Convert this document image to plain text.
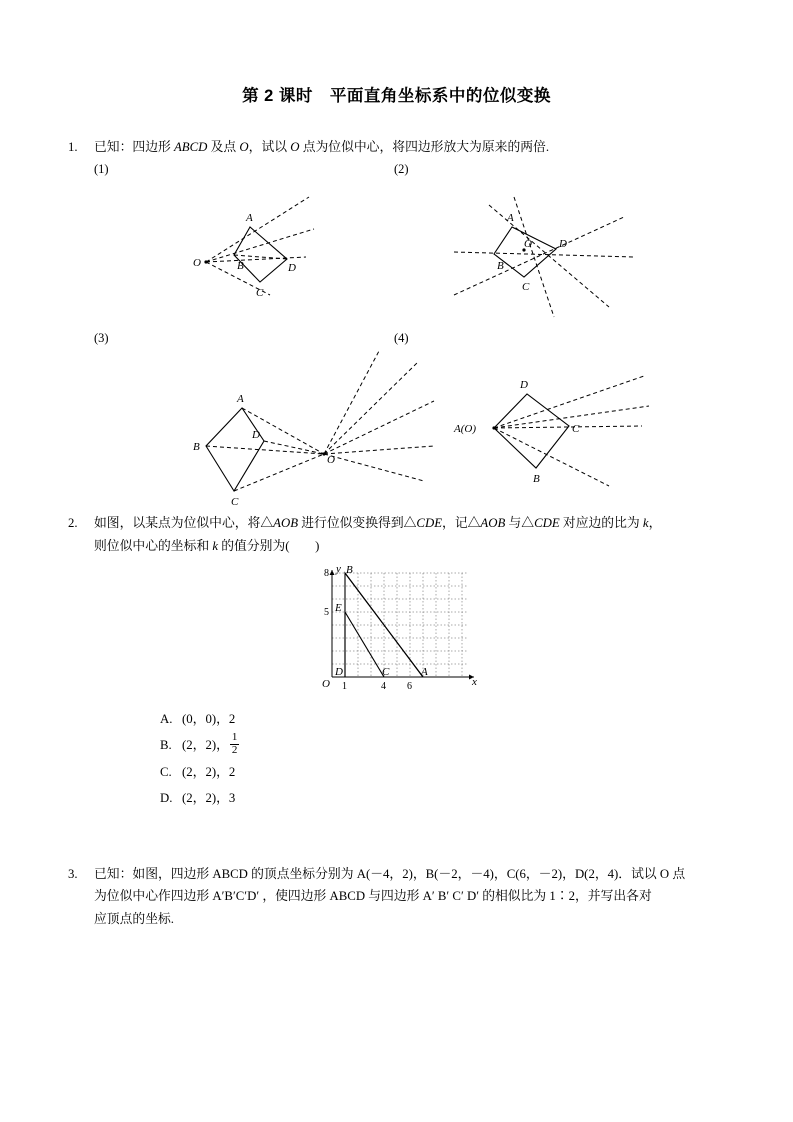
第 2 课时　平面直角坐标系中的位似变换
1.	已知：四边形 ABCD 及点 O，试以 O 点为位似中心，将四边形放大为原来的两倍.
(1)	(2)
A
B
C
D
O
A
B
C
D
O
(3)	(4)
A
B
C
D
O
D
A(O)
B
C
2.	如图，以某点为位似中心，将△AOB 进行位似变换得到△CDE，记△AOB 与△CDE 对应边的比为 k，
则位似中心的坐标和 k 的值分别为(　　)
B
E
D	C	A
O	x
y
8
5
1	4 6
A. (0，0)，2
B. (2，2)， $\frac{1}{2}$
C. (2，2)，2
D. (2，2)，3
3.	已知：如图，四边形 ABCD 的顶点坐标分别为 A(－4，2)，B(－2，－4)，C(6，－2)，D(2，4)．试以 O 点
为位似中心作四边形 A′B′C′D′ ，使四边形 ABCD 与四边形 A′ B′ C′ D′ 的相似比为 1∶2，并写出各对
应顶点的坐标.
